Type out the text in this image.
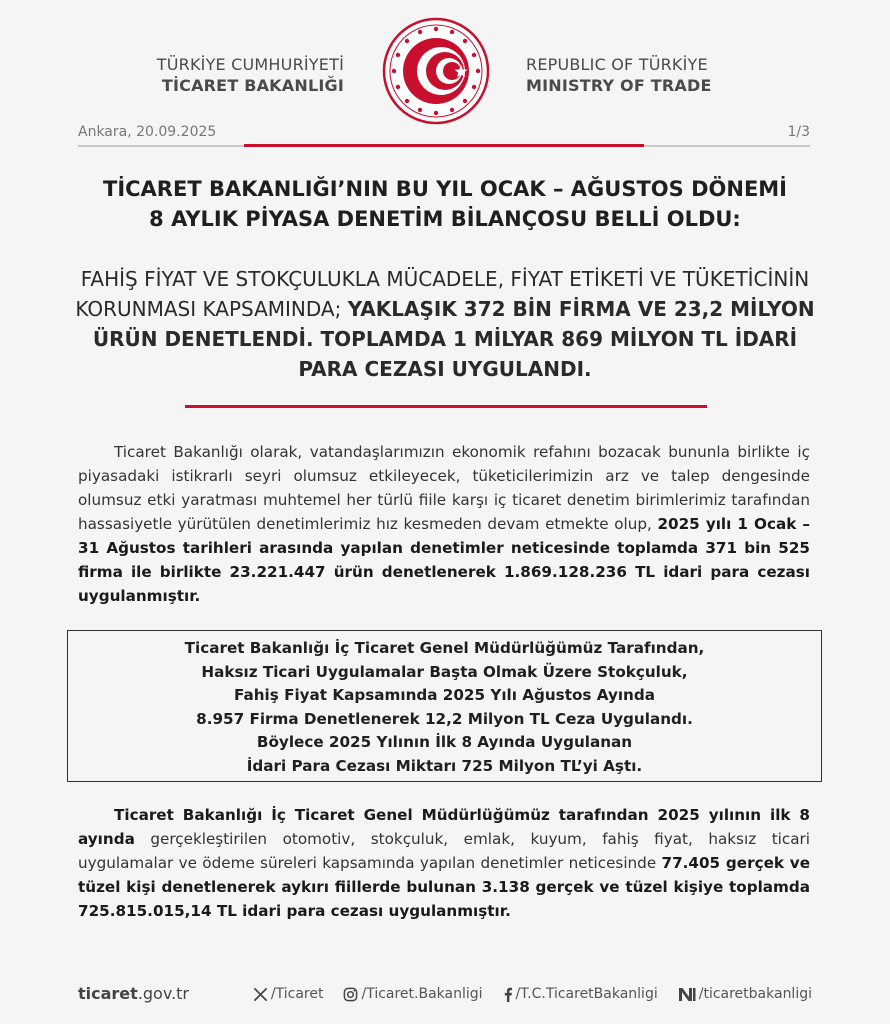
TÜRKİYE CUMHURİYETİ
TİCARET BAKANLIĞI
REPUBLIC OF TÜRKİYE
MINISTRY OF TRADE
Ankara, 20.09.2025	1/3
TİCARET BAKANLIĞI’NIN BU YIL OCAK – AĞUSTOS DÖNEMİ
8 AYLIK PİYASA DENETİM BİLANÇOSU BELLİ OLDU:
FAHİŞ FİYAT VE STOKÇULUKLA MÜCADELE, FİYAT ETİKETİ VE TÜKETİCİNİN KORUNMASI KAPSAMINDA; YAKLAŞIK 372 BİN FİRMA VE 23,2 MİLYON ÜRÜN DENETLENDİ. TOPLAMDA 1 MİLYAR 869 MİLYON TL İDARİ PARA CEZASI UYGULANDI.
Ticaret Bakanlığı olarak, vatandaşlarımızın ekonomik refahını bozacak bununla birlikte iç piyasadaki istikrarlı seyri olumsuz etkileyecek, tüketicilerimizin arz ve talep dengesinde olumsuz etki yaratması muhtemel her türlü fiile karşı iç ticaret denetim birimlerimiz tarafından hassasiyetle yürütülen denetimlerimiz hız kesmeden devam etmekte olup, 2025 yılı 1 Ocak – 31 Ağustos tarihleri arasında yapılan denetimler neticesinde toplamda 371 bin 525 firma ile birlikte 23.221.447 ürün denetlenerek 1.869.128.236 TL idari para cezası uygulanmıştır.
Ticaret Bakanlığı İç Ticaret Genel Müdürlüğümüz Tarafından,
Haksız Ticari Uygulamalar Başta Olmak Üzere Stokçuluk,
Fahiş Fiyat Kapsamında 2025 Yılı Ağustos Ayında
8.957 Firma Denetlenerek 12,2 Milyon TL Ceza Uygulandı.
Böylece 2025 Yılının İlk 8 Ayında Uygulanan
İdari Para Cezası Miktarı 725 Milyon TL’yi Aştı.
Ticaret Bakanlığı İç Ticaret Genel Müdürlüğümüz tarafından 2025 yılının ilk 8 ayında gerçekleştirilen otomotiv, stokçuluk, emlak, kuyum, fahiş fiyat, haksız ticari uygulamalar ve ödeme süreleri kapsamında yapılan denetimler neticesinde 77.405 gerçek ve tüzel kişi denetlenerek aykırı fiillerde bulunan 3.138 gerçek ve tüzel kişiye toplamda 725.815.015,14 TL idari para cezası uygulanmıştır.
ticaret.gov.tr	/Ticaret	/Ticaret.Bakanligi /T.C.TicaretBakanligi	/ticaretbakanligi
